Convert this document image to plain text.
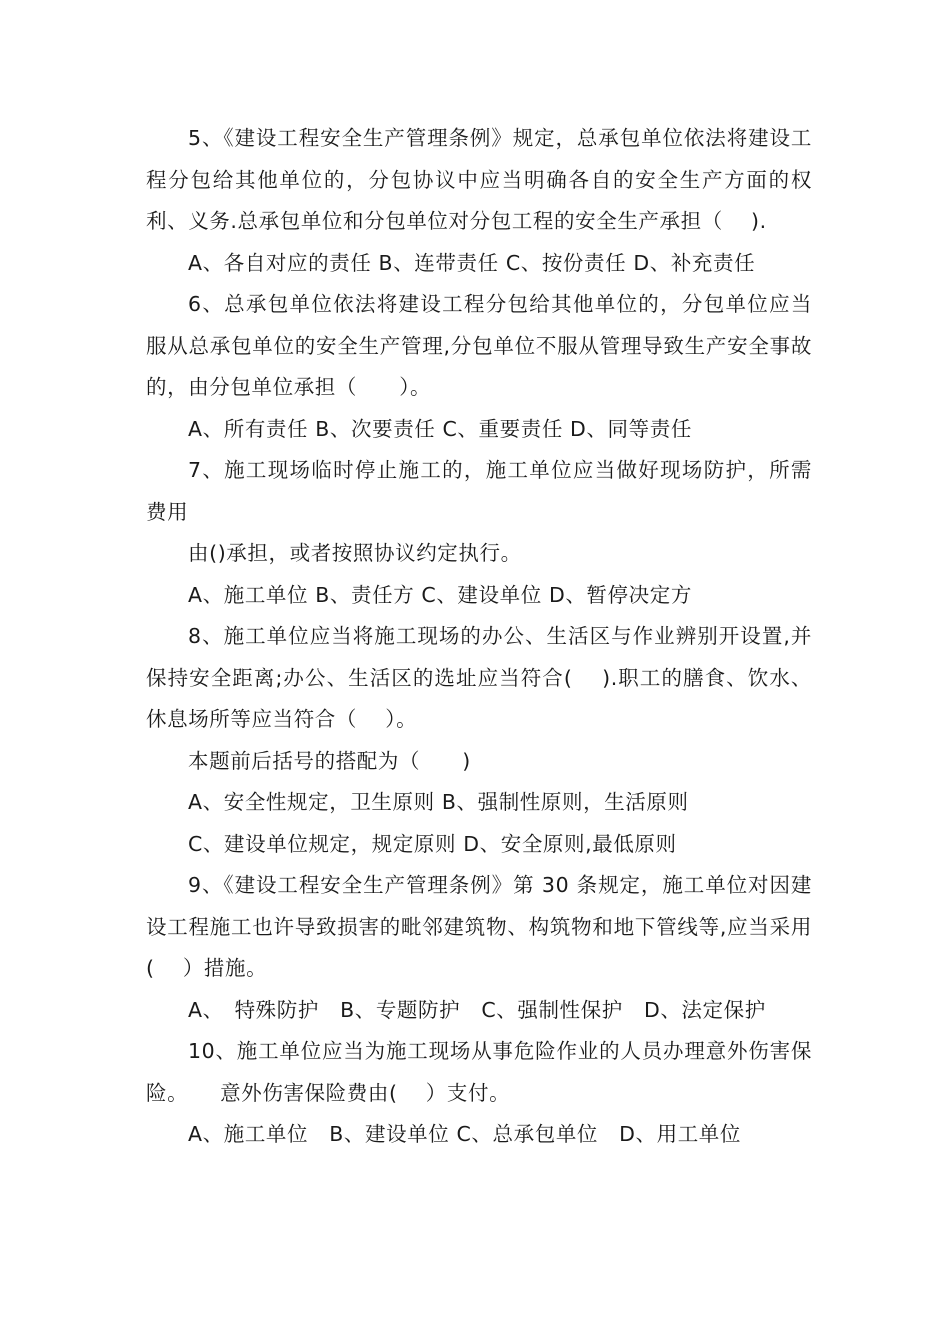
5、《建设工程安全生产管理条例》规定，总承包单位依法将建设工程分包给其他单位的，分包协议中应当明确各自的安全生产方面的权利、义务.总承包单位和分包单位对分包工程的安全生产承担（　 ).

A、各自对应的责任 B、连带责任 C、按份责任 D、补充责任

6、总承包单位依法将建设工程分包给其他单位的，分包单位应当服从总承包单位的安全生产管理,分包单位不服从管理导致生产安全事故的，由分包单位承担（　　）。

A、所有责任 B、次要责任 C、重要责任 D、同等责任

7、施工现场临时停止施工的，施工单位应当做好现场防护，所需费用

由()承担，或者按照协议约定执行。

A、施工单位 B、责任方 C、建设单位 D、暂停决定方

8、施工单位应当将施工现场的办公、生活区与作业辨别开设置,并保持安全距离;办公、生活区的选址应当符合(　 ).职工的膳食、饮水、休息场所等应当符合（　 ）。

本题前后括号的搭配为（　　)

A、安全性规定，卫生原则 B、强制性原则，生活原则

C、建设单位规定，规定原则 D、安全原则,最低原则

9、《建设工程安全生产管理条例》第 30 条规定，施工单位对因建设工程施工也许导致损害的毗邻建筑物、构筑物和地下管线等,应当采用(　 ）措施。

A、　特殊防护　B、专题防护　C、强制性保护　D、法定保护

10、施工单位应当为施工现场从事危险作业的人员办理意外伤害保险。　　意外伤害保险费由(　 ）支付。

A、施工单位　B、建设单位 C、总承包单位　D、用工单位
